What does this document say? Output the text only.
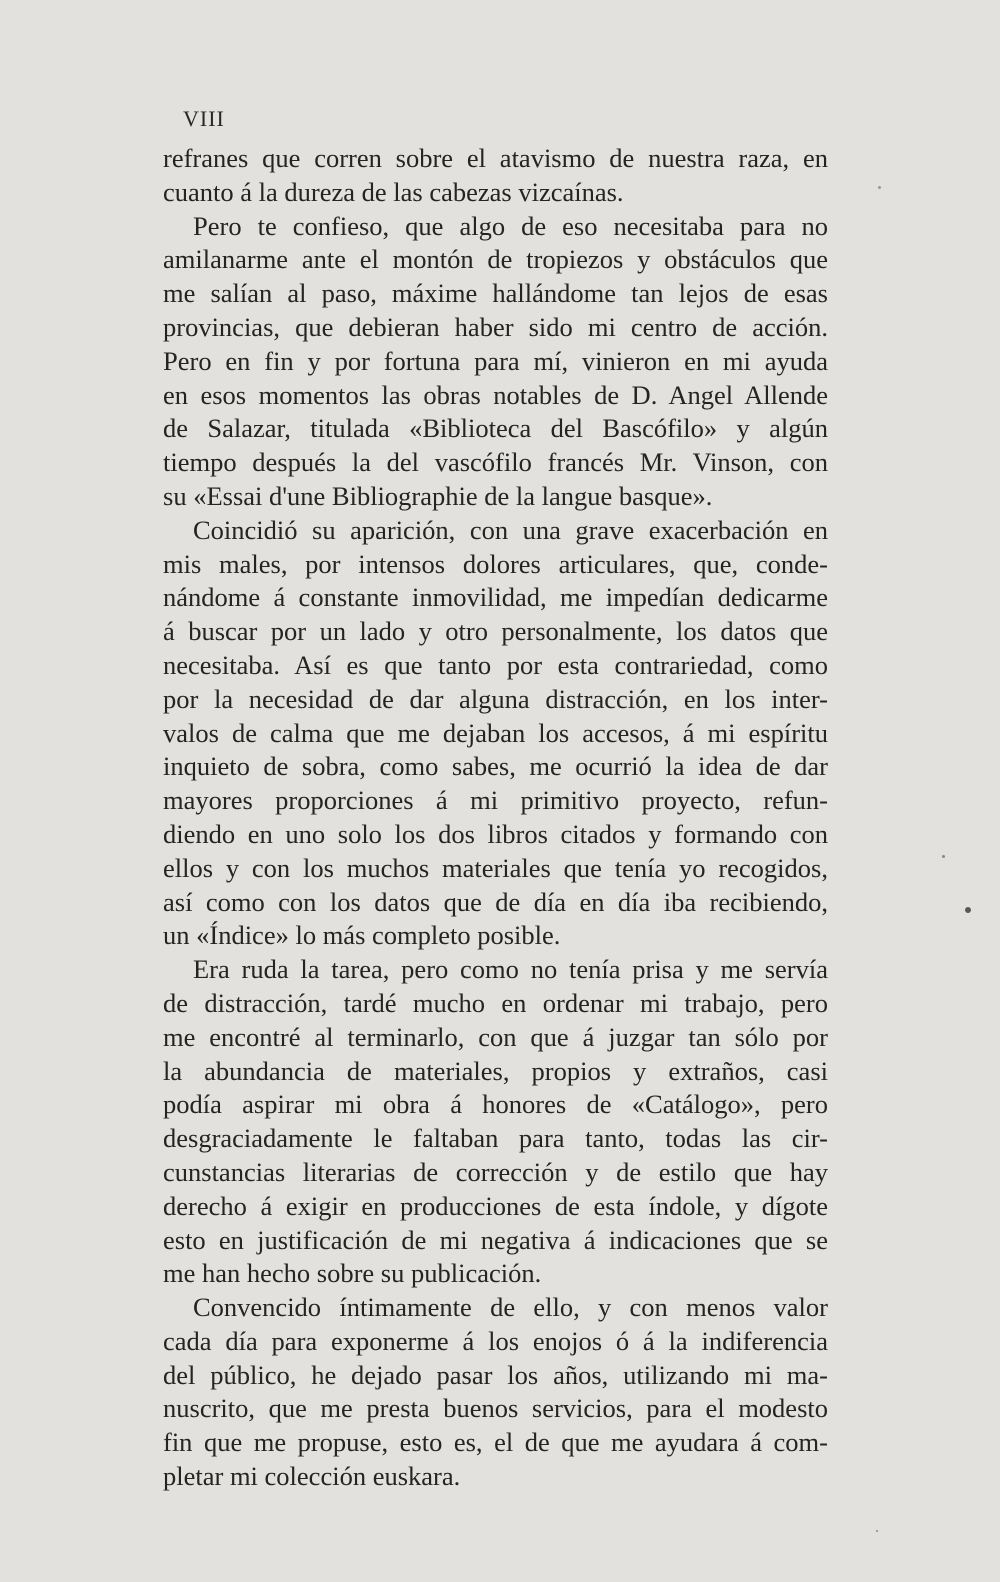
VIII
refranes que corren sobre el atavismo de nuestra raza, en
cuanto á la dureza de las cabezas vizcaínas.
Pero te confieso, que algo de eso necesitaba para no
amilanarme ante el montón de tropiezos y obstáculos que
me salían al paso, máxime hallándome tan lejos de esas
provincias, que debieran haber sido mi centro de acción.
Pero en fin y por fortuna para mí, vinieron en mi ayuda
en esos momentos las obras notables de D. Angel Allende
de Salazar, titulada «Biblioteca del Bascófilo» y algún
tiempo después la del vascófilo francés Mr. Vinson, con
su «Essai d'une Bibliographie de la langue basque».
Coincidió su aparición, con una grave exacerbación en
mis males, por intensos dolores articulares, que, conde-
nándome á constante inmovilidad, me impedían dedicarme
á buscar por un lado y otro personalmente, los datos que
necesitaba. Así es que tanto por esta contrariedad, como
por la necesidad de dar alguna distracción, en los inter-
valos de calma que me dejaban los accesos, á mi espíritu
inquieto de sobra, como sabes, me ocurrió la idea de dar
mayores proporciones á mi primitivo proyecto, refun-
diendo en uno solo los dos libros citados y formando con
ellos y con los muchos materiales que tenía yo recogidos,
así como con los datos que de día en día iba recibiendo,
un «Índice» lo más completo posible.
Era ruda la tarea, pero como no tenía prisa y me servía
de distracción, tardé mucho en ordenar mi trabajo, pero
me encontré al terminarlo, con que á juzgar tan sólo por
la abundancia de materiales, propios y extraños, casi
podía aspirar mi obra á honores de «Catálogo», pero
desgraciadamente le faltaban para tanto, todas las cir-
cunstancias literarias de corrección y de estilo que hay
derecho á exigir en producciones de esta índole, y dígote
esto en justificación de mi negativa á indicaciones que se
me han hecho sobre su publicación.
Convencido íntimamente de ello, y con menos valor
cada día para exponerme á los enojos ó á la indiferencia
del público, he dejado pasar los años, utilizando mi ma-
nuscrito, que me presta buenos servicios, para el modesto
fin que me propuse, esto es, el de que me ayudara á com-
pletar mi colección euskara.
